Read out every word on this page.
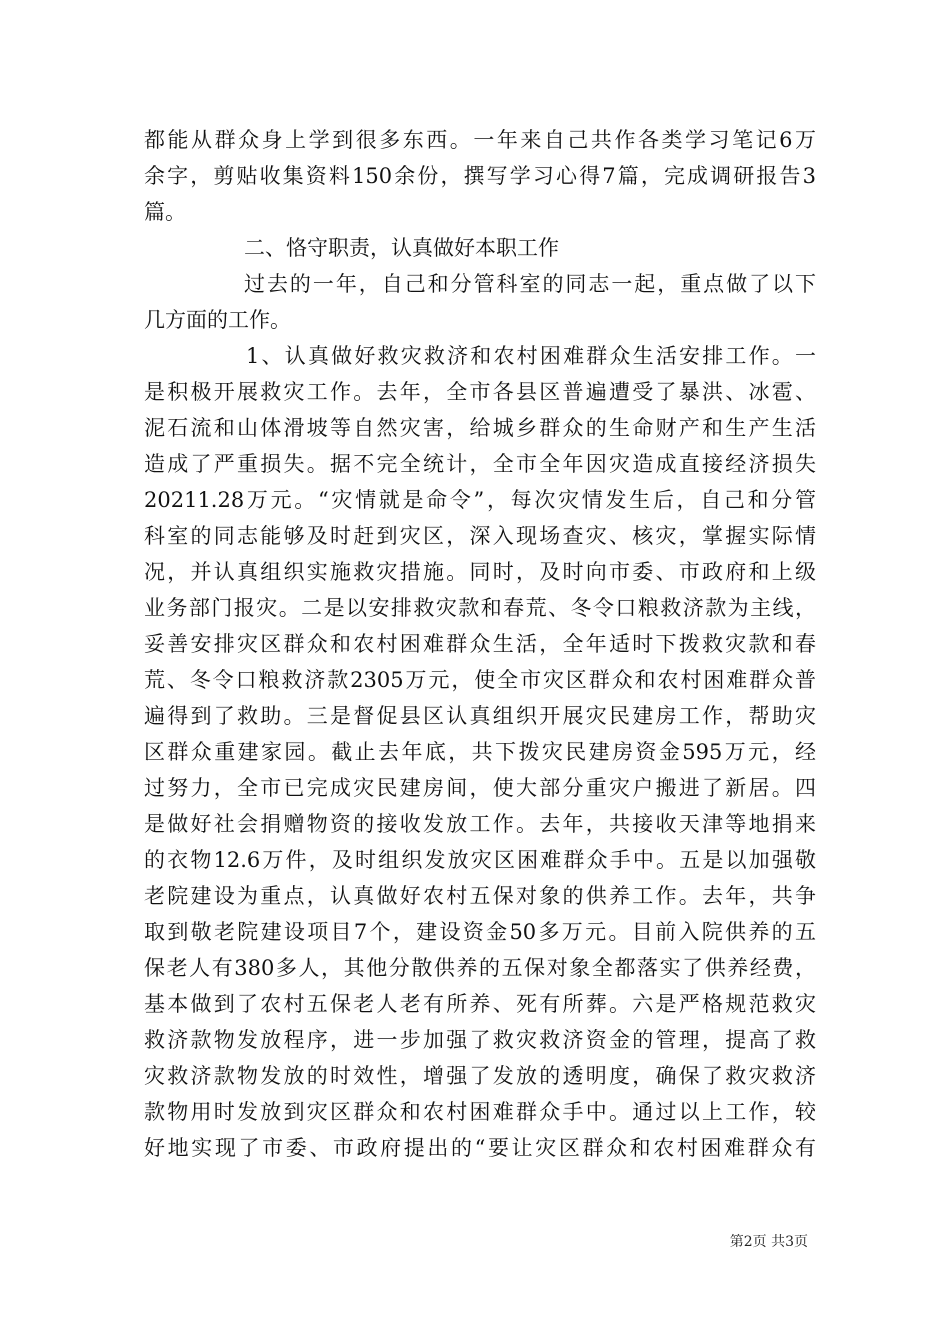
都能从群众身上学到很多东西。一年来自己共作各类学习笔记6万
余字，剪贴收集资料150余份，撰写学习心得7篇，完成调研报告3
篇。
二、恪守职责，认真做好本职工作
过去的一年，自己和分管科室的同志一起，重点做了以下
几方面的工作。
1、认真做好救灾救济和农村困难群众生活安排工作。一
是积极开展救灾工作。去年，全市各县区普遍遭受了暴洪、冰雹、
泥石流和山体滑坡等自然灾害，给城乡群众的生命财产和生产生活
造成了严重损失。据不完全统计，全市全年因灾造成直接经济损失
20211.28万元。“灾情就是命令”，每次灾情发生后，自己和分管
科室的同志能够及时赶到灾区，深入现场查灾、核灾，掌握实际情
况，并认真组织实施救灾措施。同时，及时向市委、市政府和上级
业务部门报灾。二是以安排救灾款和春荒、冬令口粮救济款为主线，
妥善安排灾区群众和农村困难群众生活，全年适时下拨救灾款和春
荒、冬令口粮救济款2305万元，使全市灾区群众和农村困难群众普
遍得到了救助。三是督促县区认真组织开展灾民建房工作，帮助灾
区群众重建家园。截止去年底，共下拨灾民建房资金595万元，经
过努力，全市已完成灾民建房间，使大部分重灾户搬进了新居。四
是做好社会捐赠物资的接收发放工作。去年，共接收天津等地捐来
的衣物12.6万件，及时组织发放灾区困难群众手中。五是以加强敬
老院建设为重点，认真做好农村五保对象的供养工作。去年，共争
取到敬老院建设项目7个，建设资金50多万元。目前入院供养的五
保老人有380多人，其他分散供养的五保对象全都落实了供养经费，
基本做到了农村五保老人老有所养、死有所葬。六是严格规范救灾
救济款物发放程序，进一步加强了救灾救济资金的管理，提高了救
灾救济款物发放的时效性，增强了发放的透明度，确保了救灾救济
款物用时发放到灾区群众和农村困难群众手中。通过以上工作，较
好地实现了市委、市政府提出的“要让灾区群众和农村困难群众有
第2页 共3页
